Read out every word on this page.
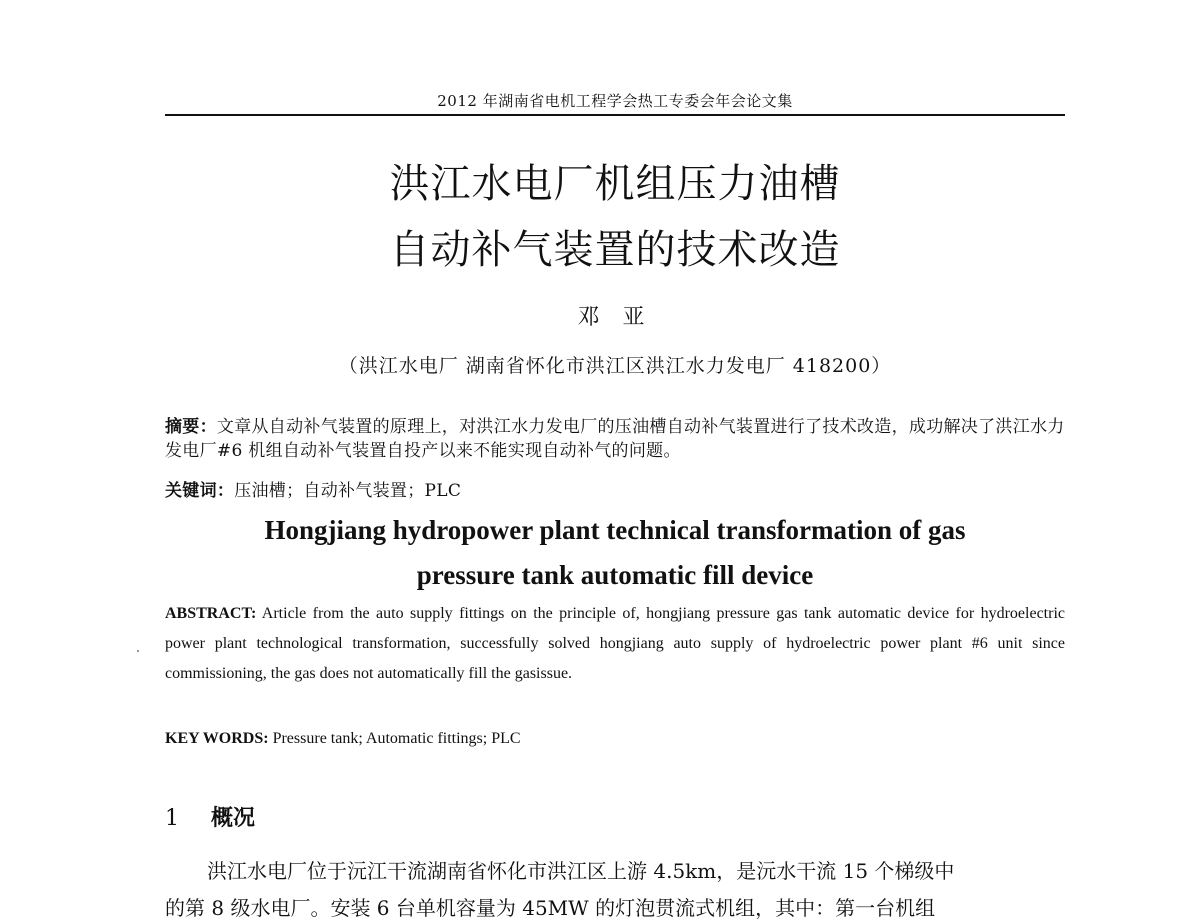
2012 年湖南省电机工程学会热工专委会年会论文集
洪江水电厂机组压力油槽
自动补气装置的技术改造
邓 亚
（洪江水电厂 湖南省怀化市洪江区洪江水力发电厂 418200）
摘要：文章从自动补气装置的原理上，对洪江水力发电厂的压油槽自动补气装置进行了技术改造，成功解决了洪江水力发电厂#6 机组自动补气装置自投产以来不能实现自动补气的问题。
关键词：压油槽；自动补气装置；PLC
Hongjiang hydropower plant technical transformation of gas
pressure tank automatic fill device
ABSTRACT: Article from the auto supply fittings on the principle of, hongjiang pressure gas tank automatic device for hydroelectric power plant technological transformation, successfully solved hongjiang auto supply of hydroelectric power plant #6 unit since commissioning, the gas does not automatically fill the gasissue.
KEY WORDS: Pressure tank; Automatic fittings; PLC
1 概况
洪江水电厂位于沅江干流湖南省怀化市洪江区上游 4.5km，是沅水干流 15 个梯级中
的第 8 级水电厂。安装 6 台单机容量为 45MW 的灯泡贯流式机组，其中：第一台机组
